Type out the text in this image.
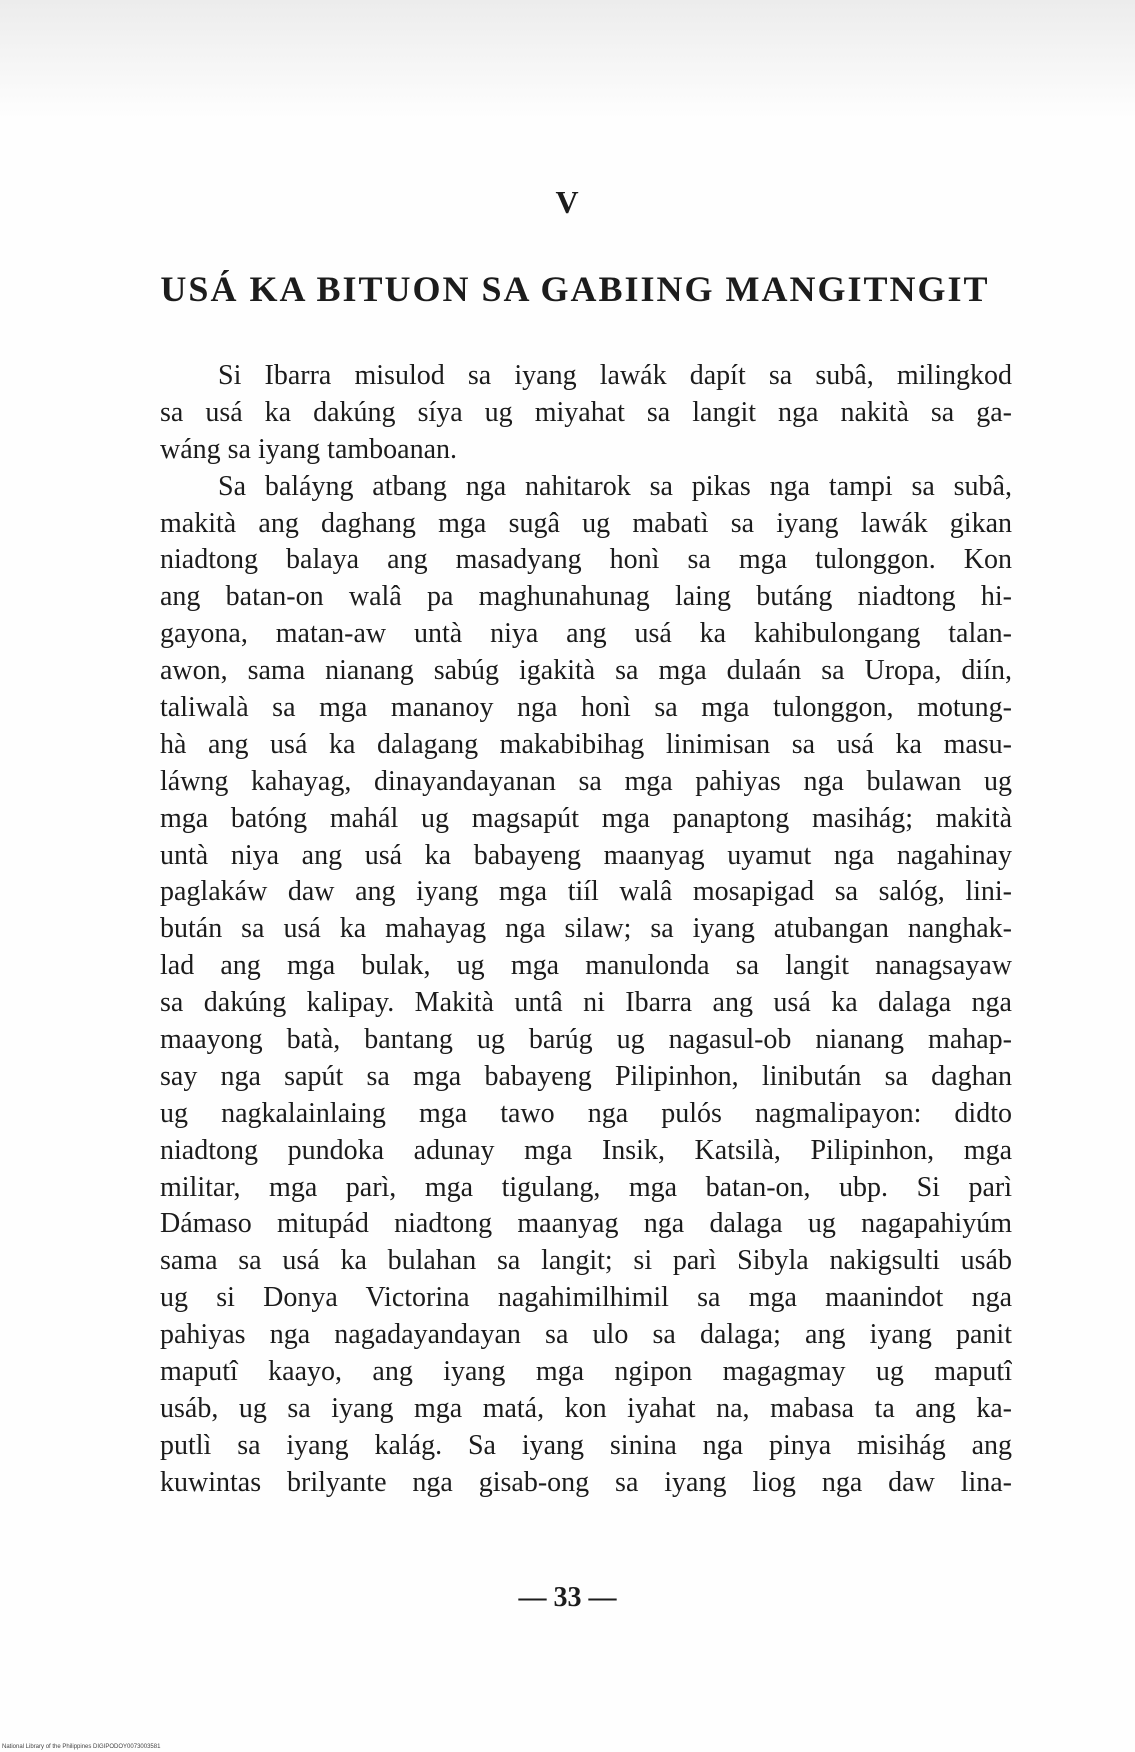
V
USÁ KA BITUON SA GABIING MANGITNGIT
Si Ibarra misulod sa iyang lawák dapít sa subâ, milingkod
sa usá ka dakúng síya ug miyahat sa langit nga nakità sa ga-
wáng sa iyang tamboanan.
Sa baláyng atbang nga nahitarok sa pikas nga tampi sa subâ,
makità ang daghang mga sugâ ug mabatì sa iyang lawák gikan
niadtong balaya ang masadyang honì sa mga tulonggon. Kon
ang batan-on walâ pa maghunahunag laing butáng niadtong hi-
gayona, matan-aw untà niya ang usá ka kahibulongang talan-
awon, sama nianang sabúg igakità sa mga dulaán sa Uropa, diín,
taliwalà sa mga mananoy nga honì sa mga tulonggon, motung-
hà ang usá ka dalagang makabibihag linimisan sa usá ka masu-
láwng kahayag, dinayandayanan sa mga pahiyas nga bulawan ug
mga batóng mahál ug magsapút mga panaptong masihág; makità
untà niya ang usá ka babayeng maanyag uyamut nga nagahinay
paglakáw daw ang iyang mga tiíl walâ mosapigad sa salóg, lini-
bután sa usá ka mahayag nga silaw; sa iyang atubangan nanghak-
lad ang mga bulak, ug mga manulonda sa langit nanagsayaw
sa dakúng kalipay. Makità untâ ni Ibarra ang usá ka dalaga nga
maayong batà, bantang ug barúg ug nagasul-ob nianang mahap-
say nga sapút sa mga babayeng Pilipinhon, linibután sa daghan
ug nagkalainlaing mga tawo nga pulós nagmalipayon: didto
niadtong pundoka adunay mga Insik, Katsilà, Pilipinhon, mga
militar, mga parì, mga tigulang, mga batan-on, ubp. Si parì
Dámaso mitupád niadtong maanyag nga dalaga ug nagapahiyúm
sama sa usá ka bulahan sa langit; si parì Sibyla nakigsulti usáb
ug si Donya Victorina nagahimilhimil sa mga maanindot nga
pahiyas nga nagadayandayan sa ulo sa dalaga; ang iyang panit
maputî kaayo, ang iyang mga ngipon magagmay ug maputî
usáb, ug sa iyang mga matá, kon iyahat na, mabasa ta ang ka-
putlì sa iyang kalág. Sa iyang sinina nga pinya misihág ang
kuwintas brilyante nga gisab-ong sa iyang liog nga daw lina-
— 33 —
National Library of the Philippines DIGIPODOY0073003581
